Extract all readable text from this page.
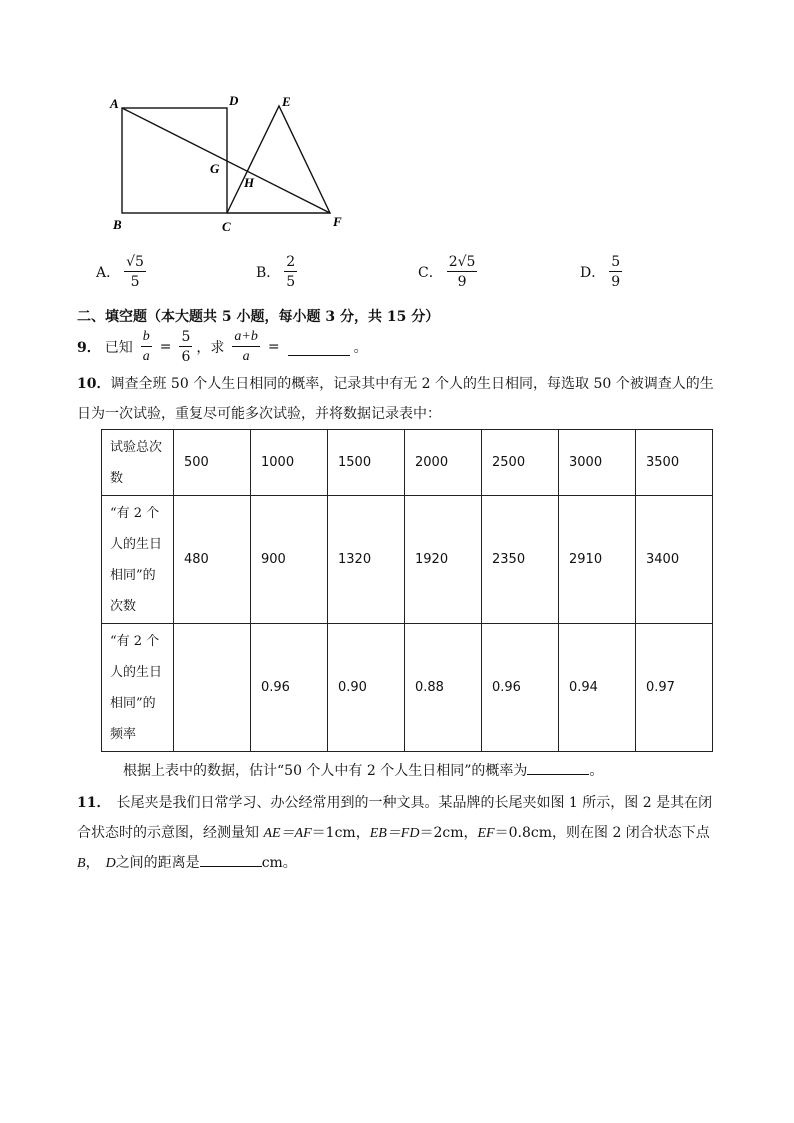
A	D	E
G
H
B	C	F
A． $\frac{√5}{5}$	B． $\frac{2}{5}$	C． $\frac{2√5}{9}$	D． $\frac{5}{9}$
二、填空题（本大题共 5 小题，每小题 3 分，共 15 分）
9． 已知 $\frac{b}{a} = \frac{5}{6}$ ，求 $\frac{a+b}{a}$ =	。
10．调查全班 50 个人生日相同的概率，记录其中有无 2 个人的生日相同，每选取 50 个被调查人的生
日为一次试验，重复尽可能多次试验，并将数据记录表中：
试验总次
数	500	1000	1500	2000	2500	3000	3500

“有 2 个
人的生日
相同”的
次数	480	900	1320	1920	2350	2910	3400

“有 2 个
人的生日
相同”的
频率		0.96	0.90	0.88	0.96	0.94	0.97
根据上表中的数据，估计“50 个人中有 2 个人生日相同”的概率为	。
11． 长尾夹是我们日常学习、办公经常用到的一种文具。某品牌的长尾夹如图 1 所示，图 2 是其在闭
合状态时的示意图，经测量知 AE＝AF＝1cm，EB＝FD＝2cm，EF＝0.8cm，则在图 2 闭合状态下点
B， D之间的距离是	cm。
